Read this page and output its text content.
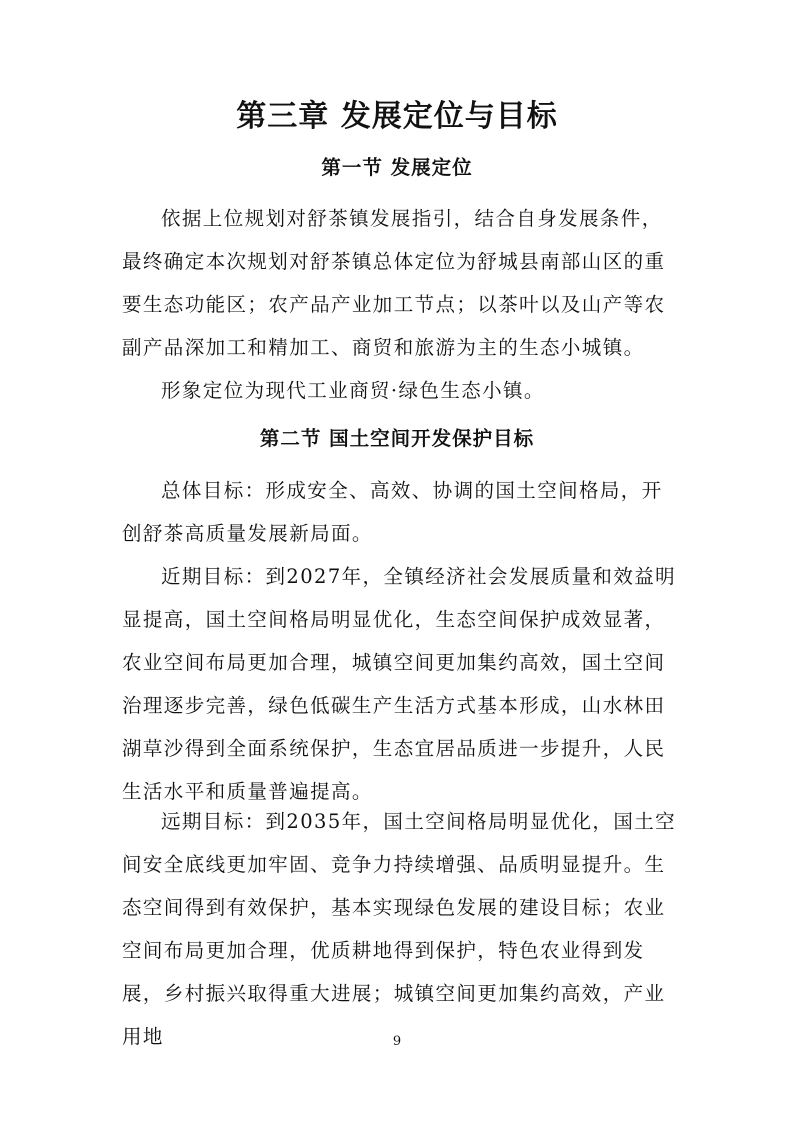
第三章 发展定位与目标
第一节 发展定位

依据上位规划对舒茶镇发展指引，结合自身发展条件，最终确定本次规划对舒茶镇总体定位为舒城县南部山区的重要生态功能区；农产品产业加工节点；以茶叶以及山产等农副产品深加工和精加工、商贸和旅游为主的生态小城镇。

形象定位为现代工业商贸·绿色生态小镇。

第二节 国土空间开发保护目标

总体目标：形成安全、高效、协调的国土空间格局，开创舒茶高质量发展新局面。

近期目标：到2027年，全镇经济社会发展质量和效益明显提高，国土空间格局明显优化，生态空间保护成效显著，农业空间布局更加合理，城镇空间更加集约高效，国土空间治理逐步完善，绿色低碳生产生活方式基本形成，山水林田湖草沙得到全面系统保护，生态宜居品质进一步提升，人民生活水平和质量普遍提高。

远期目标：到2035年，国土空间格局明显优化，国土空间安全底线更加牢固、竞争力持续增强、品质明显提升。生态空间得到有效保护，基本实现绿色发展的建设目标；农业空间布局更加合理，优质耕地得到保护，特色农业得到发展，乡村振兴取得重大进展；城镇空间更加集约高效，产业用地	9
